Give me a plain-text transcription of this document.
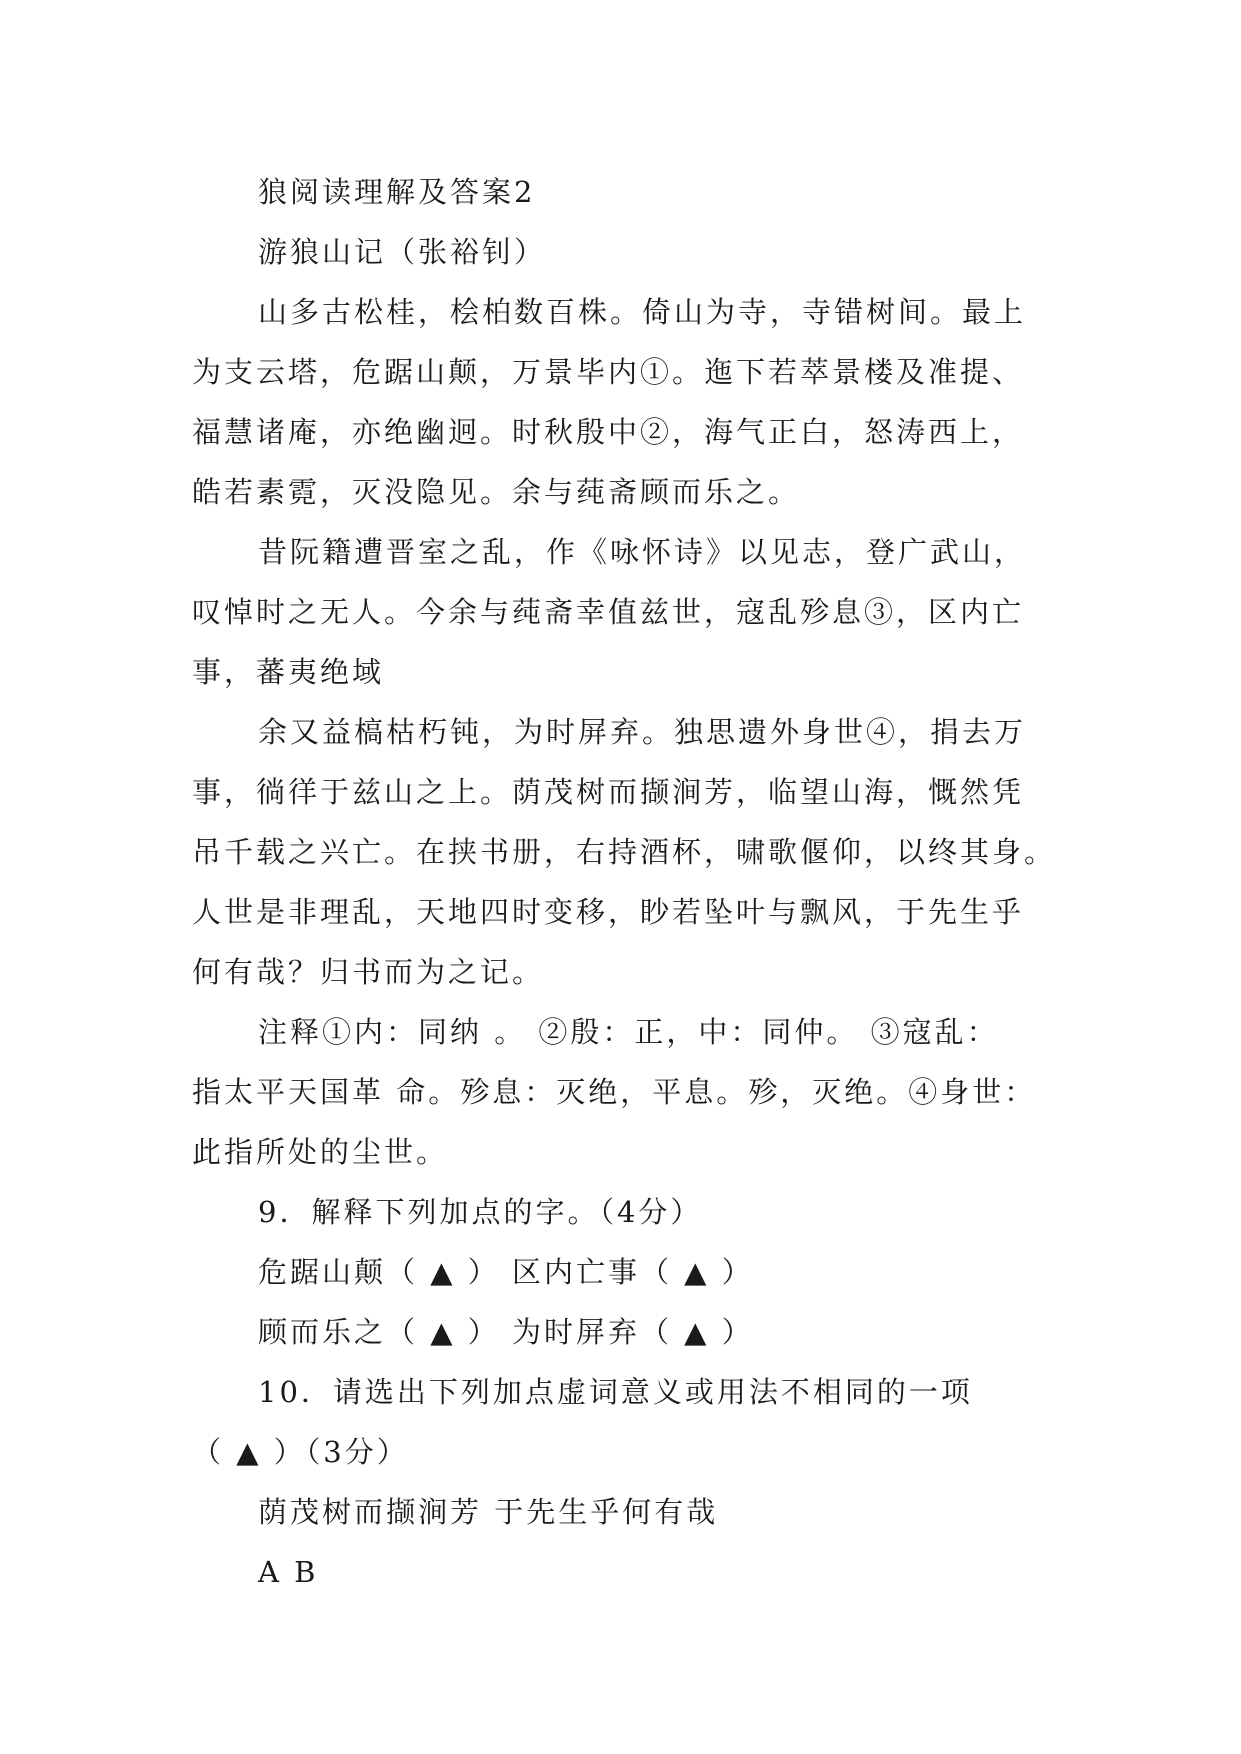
狼阅读理解及答案2
游狼山记（张裕钊）
山多古松桂，桧柏数百株。倚山为寺，寺错树间。最上
为支云塔，危踞山颠，万景毕内①。迤下若萃景楼及准提、
福慧诸庵，亦绝幽迥。时秋殷中②，海气正白，怒涛西上，
皓若素霓，灭没隐见。余与莼斋顾而乐之。
昔阮籍遭晋室之乱，作《咏怀诗》以见志，登广武山，
叹悼时之无人。今余与莼斋幸值兹世，寇乱殄息③，区内亡
事，蕃夷绝域
余又益槁枯朽钝，为时屏弃。独思遗外身世④，捐去万
事，徜徉于兹山之上。荫茂树而撷涧芳，临望山海，慨然凭
吊千载之兴亡。在挟书册，右持酒杯，啸歌偃仰，以终其身。
人世是非理乱，天地四时变移，眇若坠叶与飘风，于先生乎
何有哉？归书而为之记。
注释①内：同纳 。 ②殷：正，中：同仲。 ③寇乱：
指太平天国革 命。殄息：灭绝，平息。殄，灭绝。④身世：
此指所处的尘世。
9．解释下列加点的字。（4分）
危踞山颠（ ▲ ） 区内亡事（ ▲ ）
顾而乐之（ ▲ ） 为时屏弃（ ▲ ）
10．请选出下列加点虚词意义或用法不相同的一项
（ ▲ ）（3分）
荫茂树而撷涧芳 于先生乎何有哉
A B
